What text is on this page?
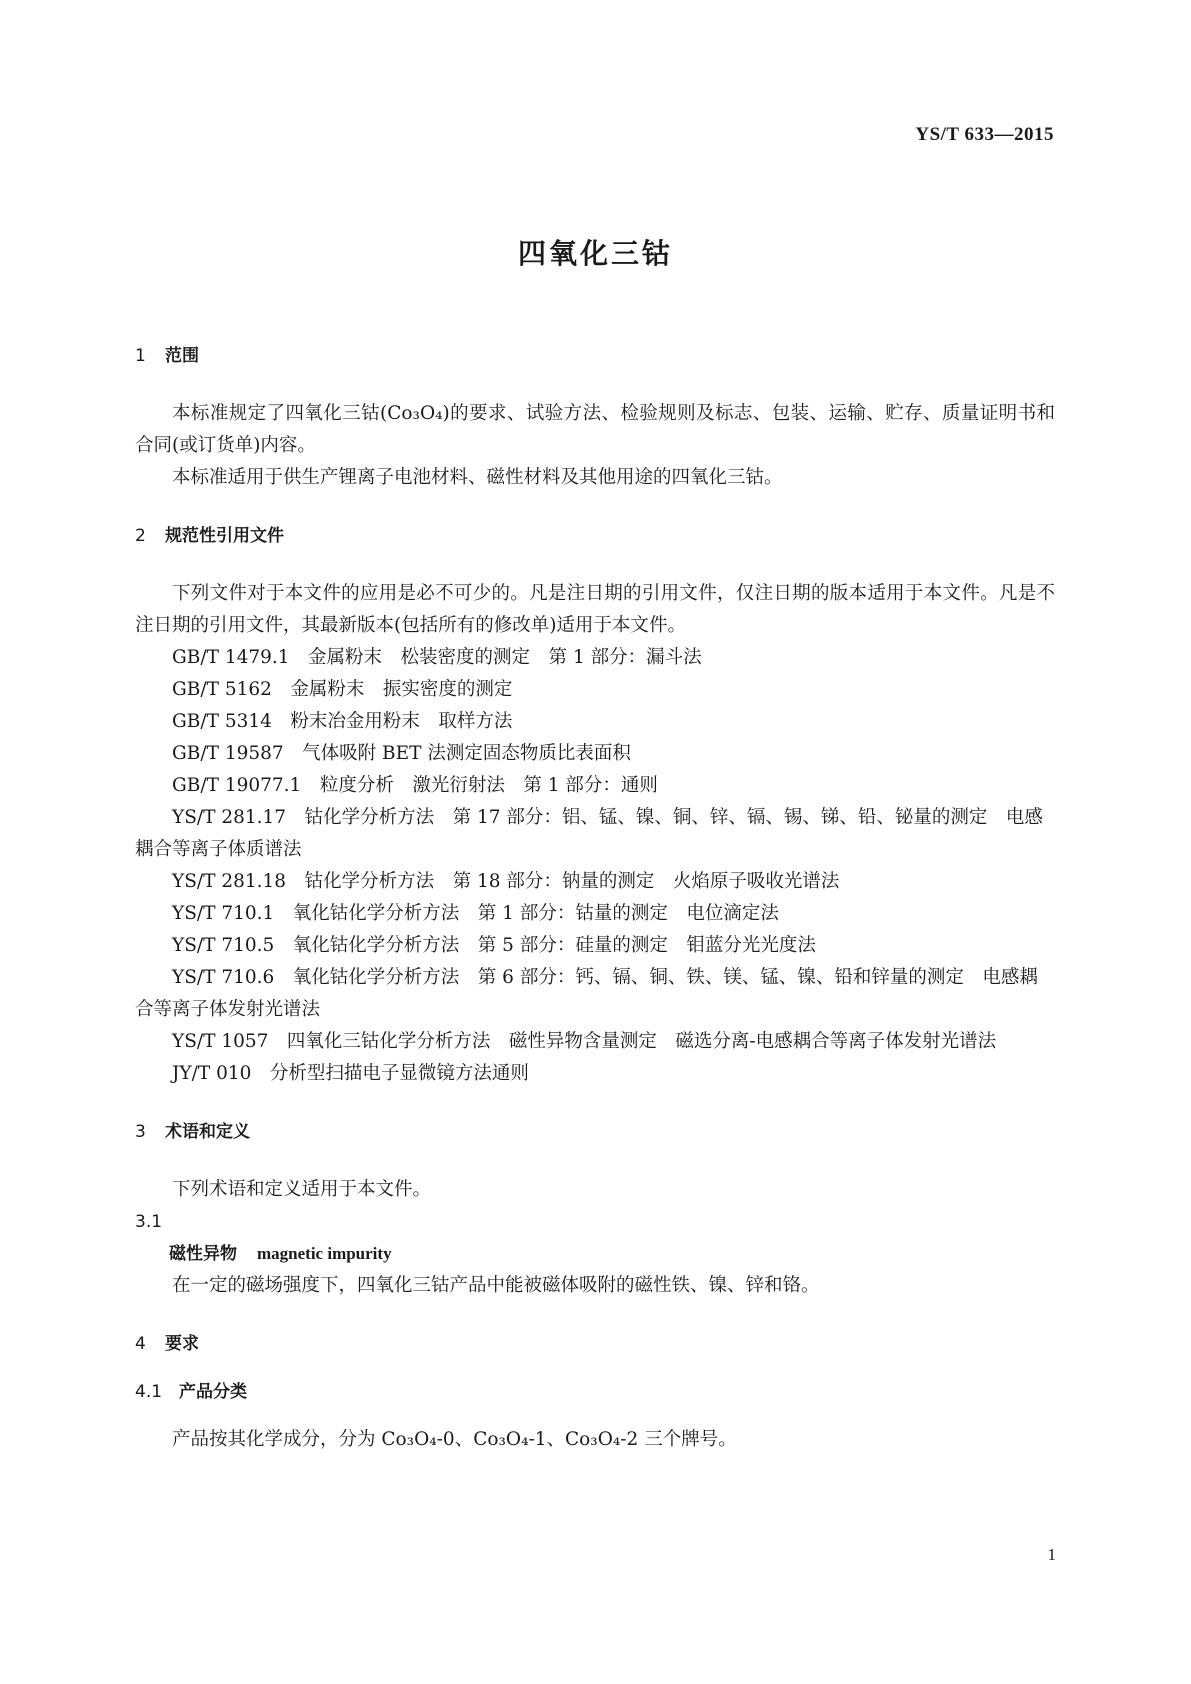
YS/T 633—2015
四氧化三钴

1 范围

本标准规定了四氧化三钴(Co₃O₄)的要求、试验方法、检验规则及标志、包装、运输、贮存、质量证明书和合同(或订货单)内容。

本标准适用于供生产锂离子电池材料、磁性材料及其他用途的四氧化三钴。

2 规范性引用文件

下列文件对于本文件的应用是必不可少的。凡是注日期的引用文件，仅注日期的版本适用于本文件。凡是不注日期的引用文件，其最新版本(包括所有的修改单)适用于本文件。

GB/T 1479.1　金属粉末　松装密度的测定　第 1 部分：漏斗法

GB/T 5162　金属粉末　振实密度的测定

GB/T 5314　粉末冶金用粉末　取样方法

GB/T 19587　气体吸附 BET 法测定固态物质比表面积

GB/T 19077.1　粒度分析　激光衍射法　第 1 部分：通则

YS/T 281.17　钴化学分析方法　第 17 部分：铝、锰、镍、铜、锌、镉、锡、锑、铅、铋量的测定　电感耦合等离子体质谱法

YS/T 281.18　钴化学分析方法　第 18 部分：钠量的测定　火焰原子吸收光谱法

YS/T 710.1　氧化钴化学分析方法　第 1 部分：钴量的测定　电位滴定法

YS/T 710.5　氧化钴化学分析方法　第 5 部分：硅量的测定　钼蓝分光光度法

YS/T 710.6　氧化钴化学分析方法　第 6 部分：钙、镉、铜、铁、镁、锰、镍、铅和锌量的测定　电感耦合等离子体发射光谱法

YS/T 1057　四氧化三钴化学分析方法　磁性异物含量测定　磁选分离-电感耦合等离子体发射光谱法

JY/T 010　分析型扫描电子显微镜方法通则

3 术语和定义

下列术语和定义适用于本文件。

3.1

磁性异物 magnetic impurity

在一定的磁场强度下，四氧化三钴产品中能被磁体吸附的磁性铁、镍、锌和铬。

4 要求

4.1 产品分类

产品按其化学成分，分为 Co₃O₄-0、Co₃O₄-1、Co₃O₄-2 三个牌号。

1
